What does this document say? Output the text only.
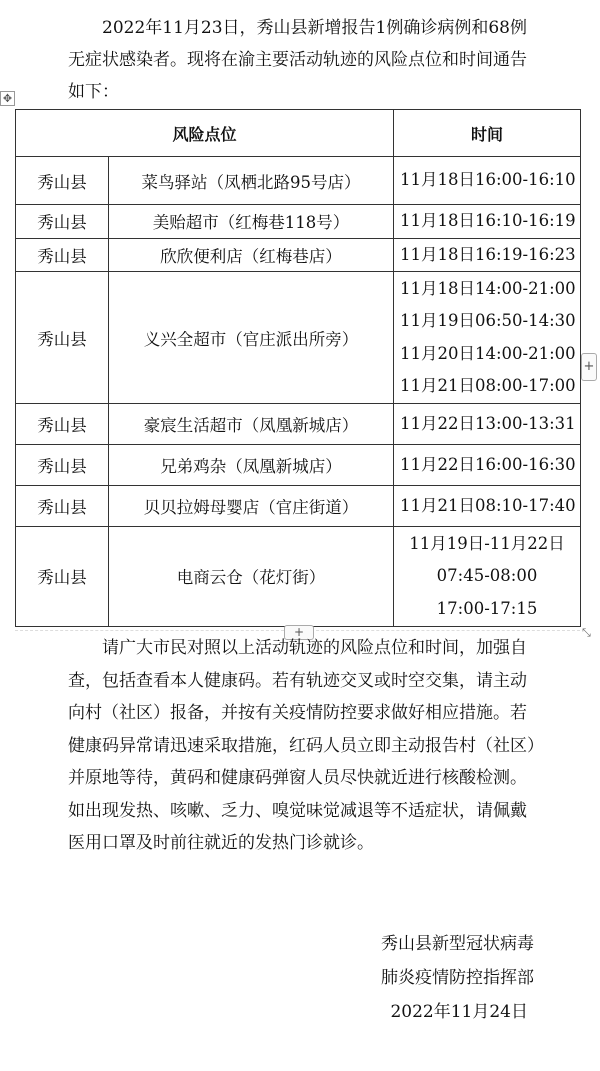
2022年11月23日，秀山县新增报告1例确诊病例和68例无症状感染者。现将在渝主要活动轨迹的风险点位和时间通告如下：

✥
风险点位		时间
秀山县	菜鸟驿站（凤栖北路95号店）	11月18日16:00-16:10

秀山县	美贻超市（红梅巷118号）	11月18日16:10-16:19

秀山县	欣欣便利店（红梅巷店）	11月18日16:19-16:23

秀山县	义兴全超市（官庄派出所旁）	11月18日14:00-21:00
11月19日06:50-14:30
11月20日14:00-21:00
11月21日08:00-17:00

秀山县	豪宸生活超市（凤凰新城店）	11月22日13:00-13:31

秀山县	兄弟鸡杂（凤凰新城店）	11月22日16:00-16:30

秀山县	贝贝拉姆母婴店（官庄街道）	11月21日08:10-17:40

秀山县	电商云仓（花灯街）	11月19日-11月22日
07:45-08:00
17:00-17:15
+
+	⤡

请广大市民对照以上活动轨迹的风险点位和时间，加强自查，包括查看本人健康码。若有轨迹交叉或时空交集，请主动向村（社区）报备，并按有关疫情防控要求做好相应措施。若健康码异常请迅速采取措施，红码人员立即主动报告村（社区）并原地等待，黄码和健康码弹窗人员尽快就近进行核酸检测。如出现发热、咳嗽、乏力、嗅觉味觉减退等不适症状，请佩戴医用口罩及时前往就近的发热门诊就诊。

秀山县新型冠状病毒
肺炎疫情防控指挥部
2022年11月24日
